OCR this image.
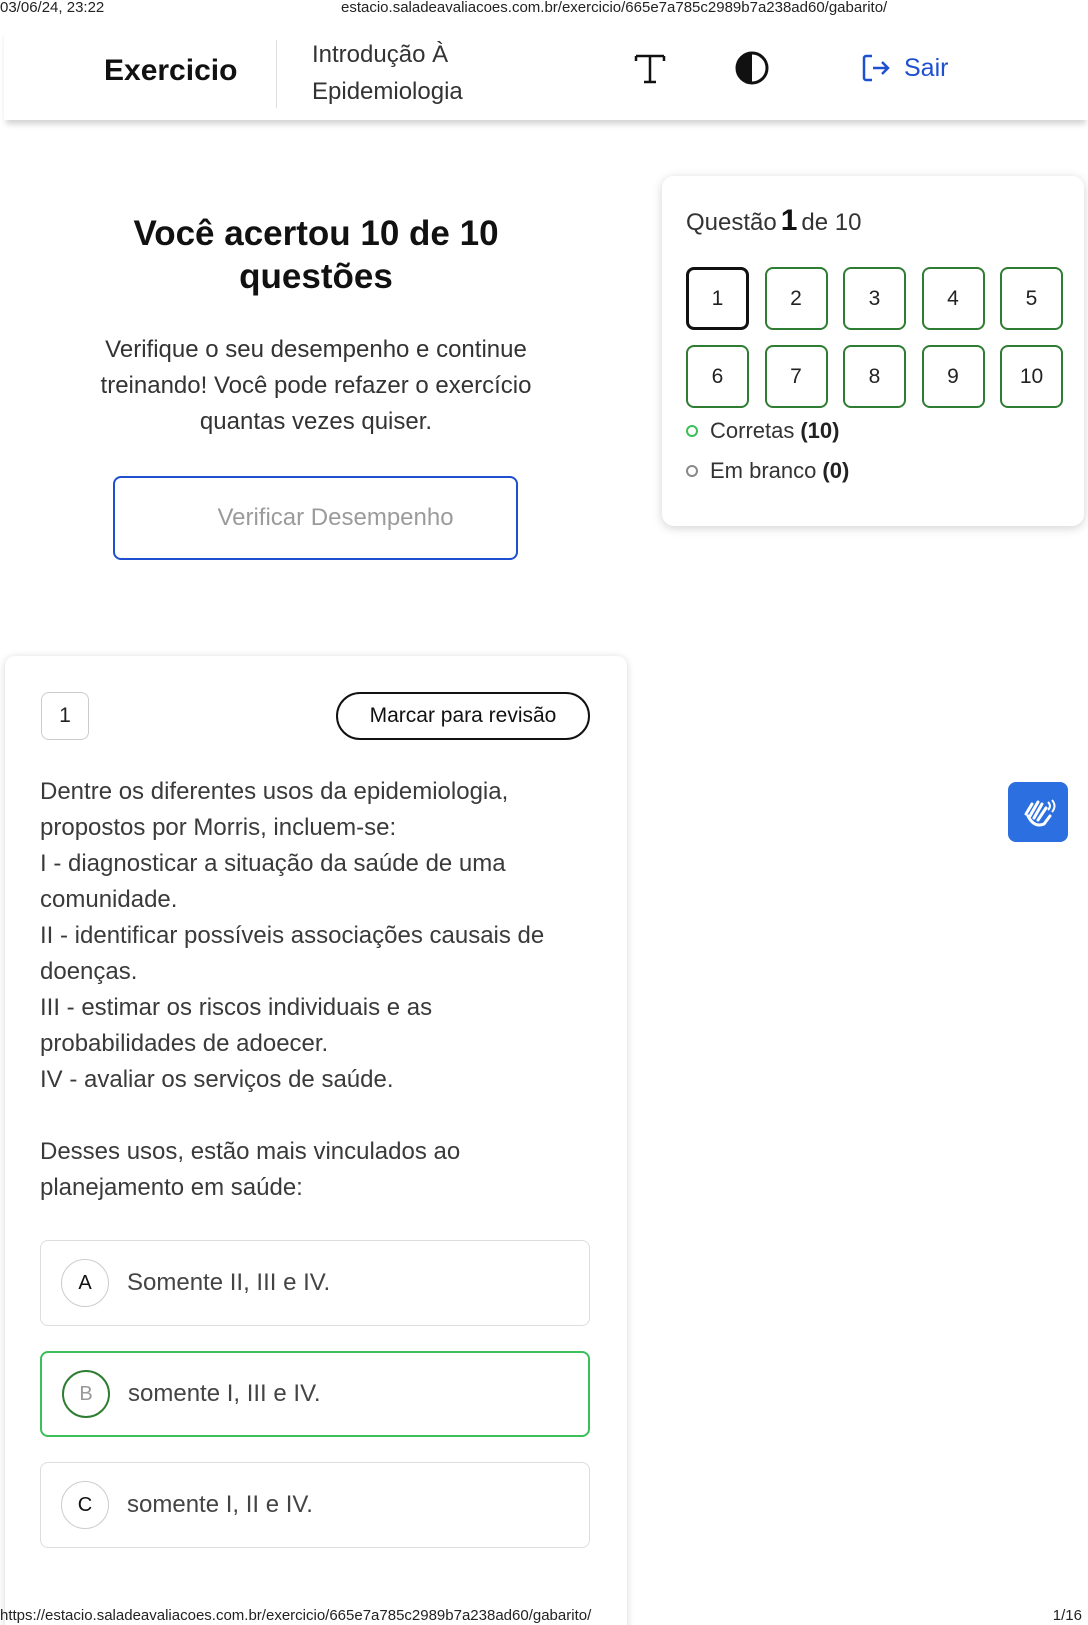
03/06/24, 23:22	estacio.saladeavaliacoes.com.br/exercicio/665e7a785c2989b7a238ad60/gabarito/
Exercicio	Introdução À
Epidemiologia
Sair
Você acertou 10 de 10
questões

Verifique o seu desempenho e continue
treinando! Você pode refazer o exercício
quantas vezes quiser.

Verificar Desempenho
Questão 1 de 10
1	2	3	4	5
6	7	8	9	10
Corretas (10)
Em branco (0)
1	Marcar para revisão
Dentre os diferentes usos da epidemiologia,
propostos por Morris, incluem-se:
I - diagnosticar a situação da saúde de uma
comunidade.
II - identificar possíveis associações causais de
doenças.
III - estimar os riscos individuais e as
probabilidades de adoecer.
IV - avaliar os serviços de saúde.
Desses usos, estão mais vinculados ao
planejamento em saúde:
A	Somente II, III e IV.
B	somente I, III e IV.
C	somente I, II e IV.
https://estacio.saladeavaliacoes.com.br/exercicio/665e7a785c2989b7a238ad60/gabarito/	1/16
